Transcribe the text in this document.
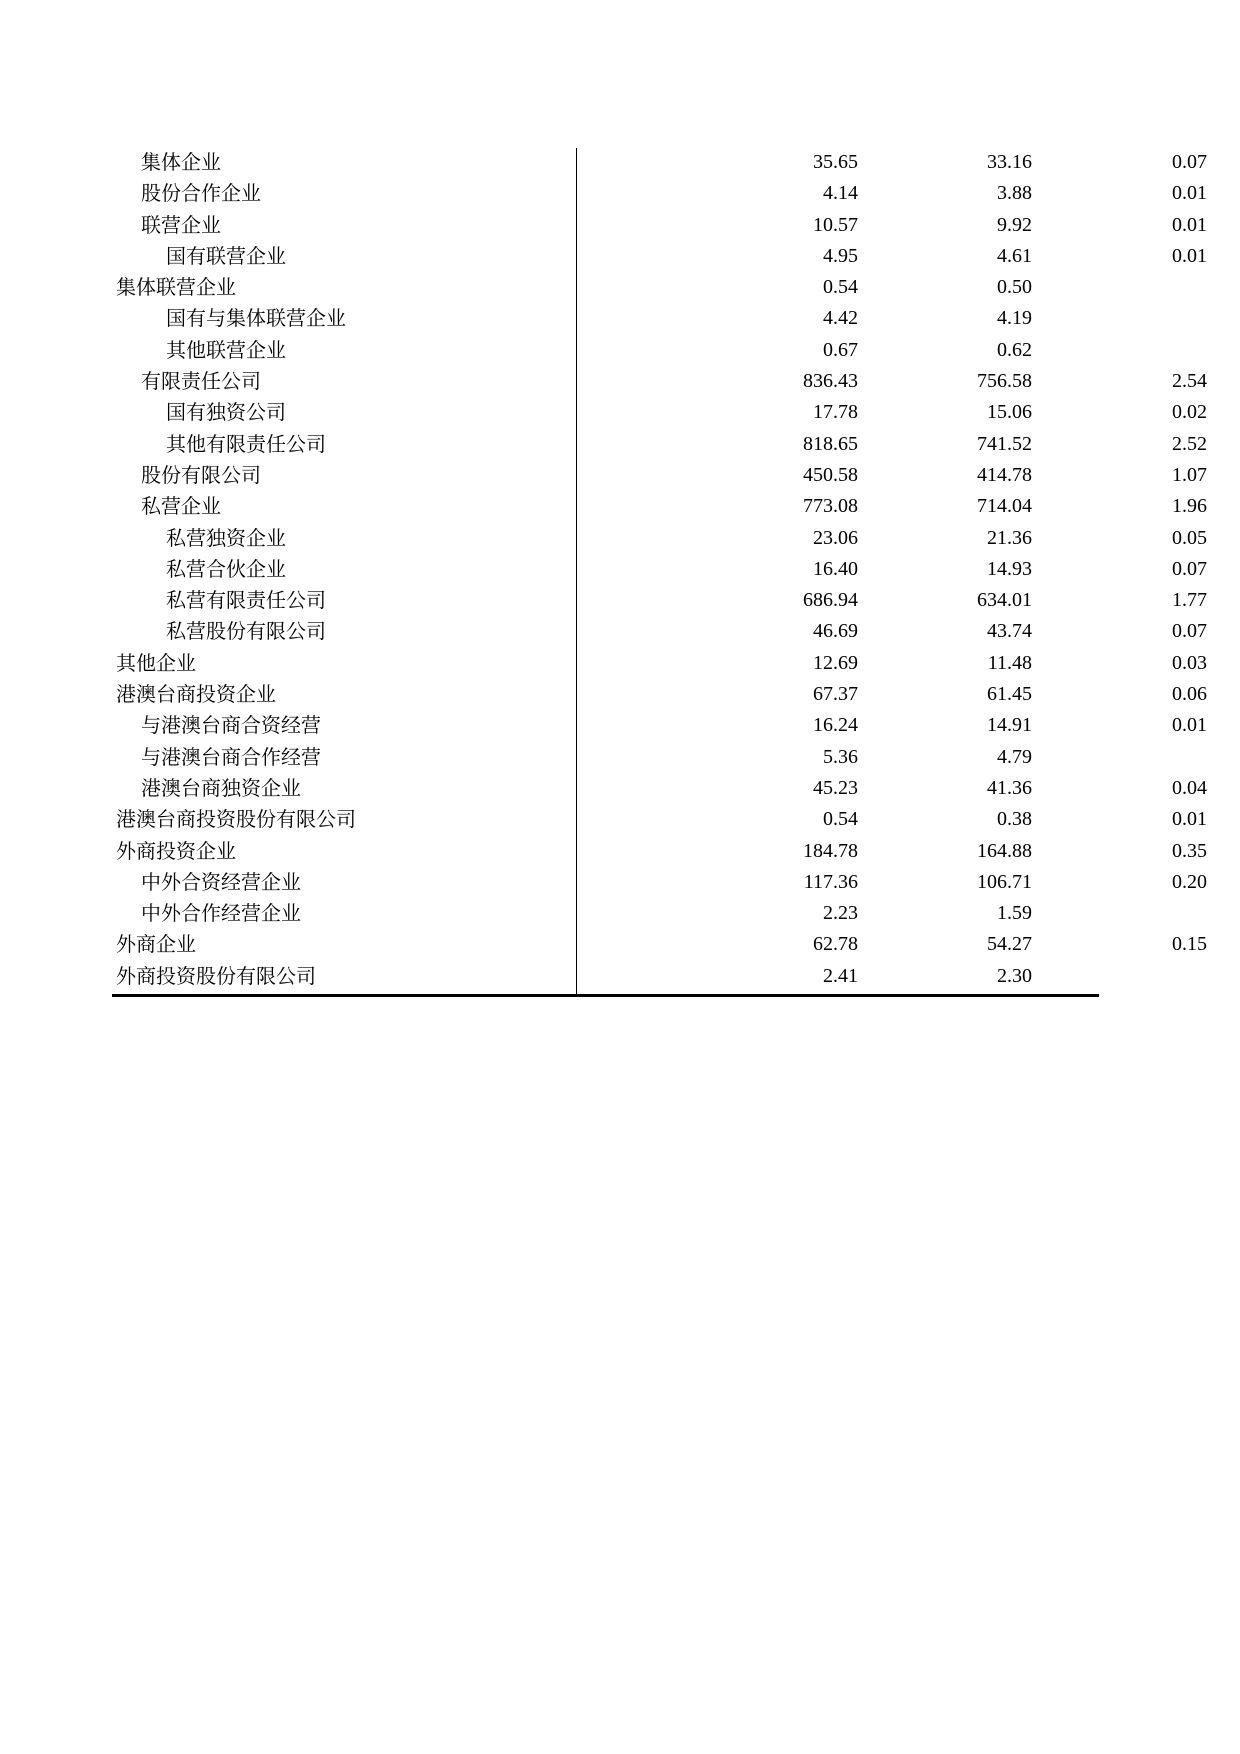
集体企业	35.65	33.16	0.07
股份合作企业	4.14	3.88	0.01
联营企业	10.57	9.92	0.01
国有联营企业	4.95	4.61	0.01
集体联营企业	0.54	0.50
国有与集体联营企业	4.42	4.19
其他联营企业	0.67	0.62
有限责任公司	836.43	756.58	2.54
国有独资公司	17.78	15.06	0.02
其他有限责任公司	818.65	741.52	2.52
股份有限公司	450.58	414.78	1.07
私营企业	773.08	714.04	1.96
私营独资企业	23.06	21.36	0.05
私营合伙企业	16.40	14.93	0.07
私营有限责任公司	686.94	634.01	1.77
私营股份有限公司	46.69	43.74	0.07
其他企业	12.69	11.48	0.03
港澳台商投资企业	67.37	61.45	0.06
与港澳台商合资经营	16.24	14.91	0.01
与港澳台商合作经营	5.36	4.79
港澳台商独资企业	45.23	41.36	0.04
港澳台商投资股份有限公司	0.54	0.38	0.01
外商投资企业	184.78	164.88	0.35
中外合资经营企业	117.36	106.71	0.20
中外合作经营企业	2.23	1.59
外商企业	62.78	54.27	0.15
外商投资股份有限公司	2.41	2.30
